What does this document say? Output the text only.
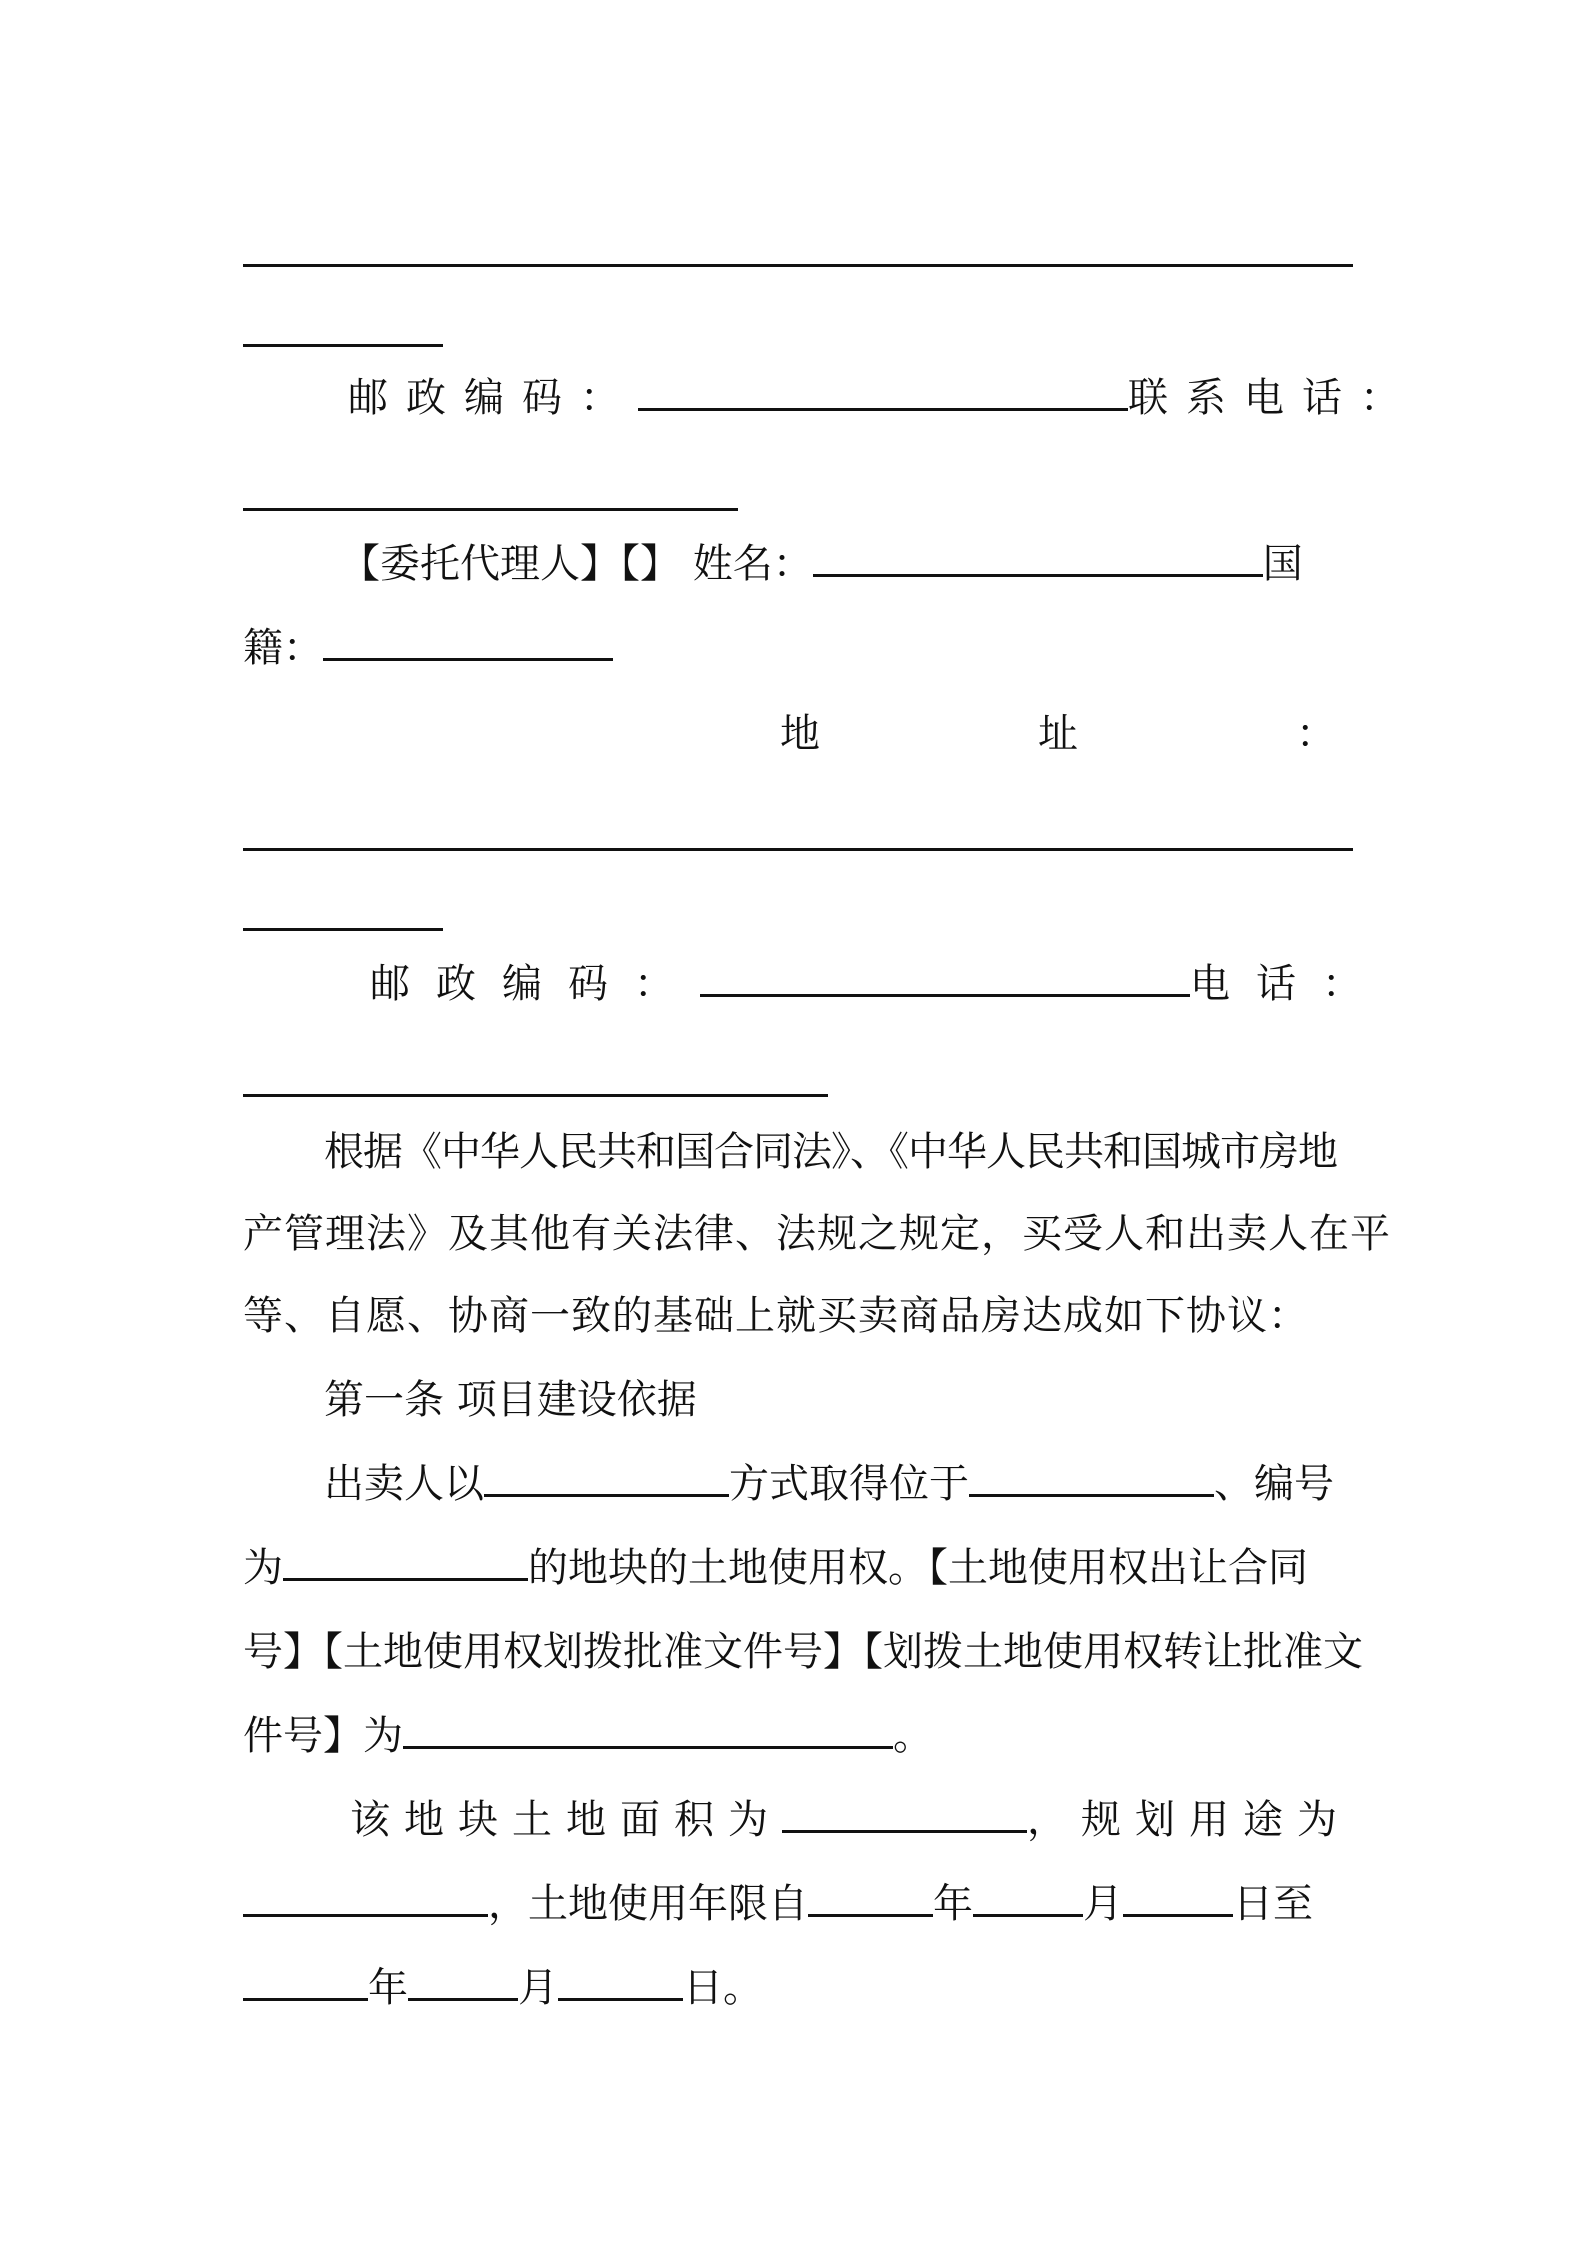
邮政编码：	联系电话：
【委托代理人】【】 姓名：	国
籍：
地	址	：
邮政编码：	电话：
根据《中华人民共和国合同法》、《中华人民共和国城市房地
产管理法》及其他有关法律、法规之规定，买受人和出卖人在平
等、自愿、协商一致的基础上就买卖商品房达成如下协议：
第一条 项目建设依据
出卖人以	方式取得位于	、编号
为	的地块的土地使用权。【土地使用权出让合同
号】【土地使用权划拨批准文件号】【划拨土地使用权转让批准文
件号】为	。
该地块土地面积为	，规划用途为
，土地使用年限自	年	月	日至
年	月	日。
